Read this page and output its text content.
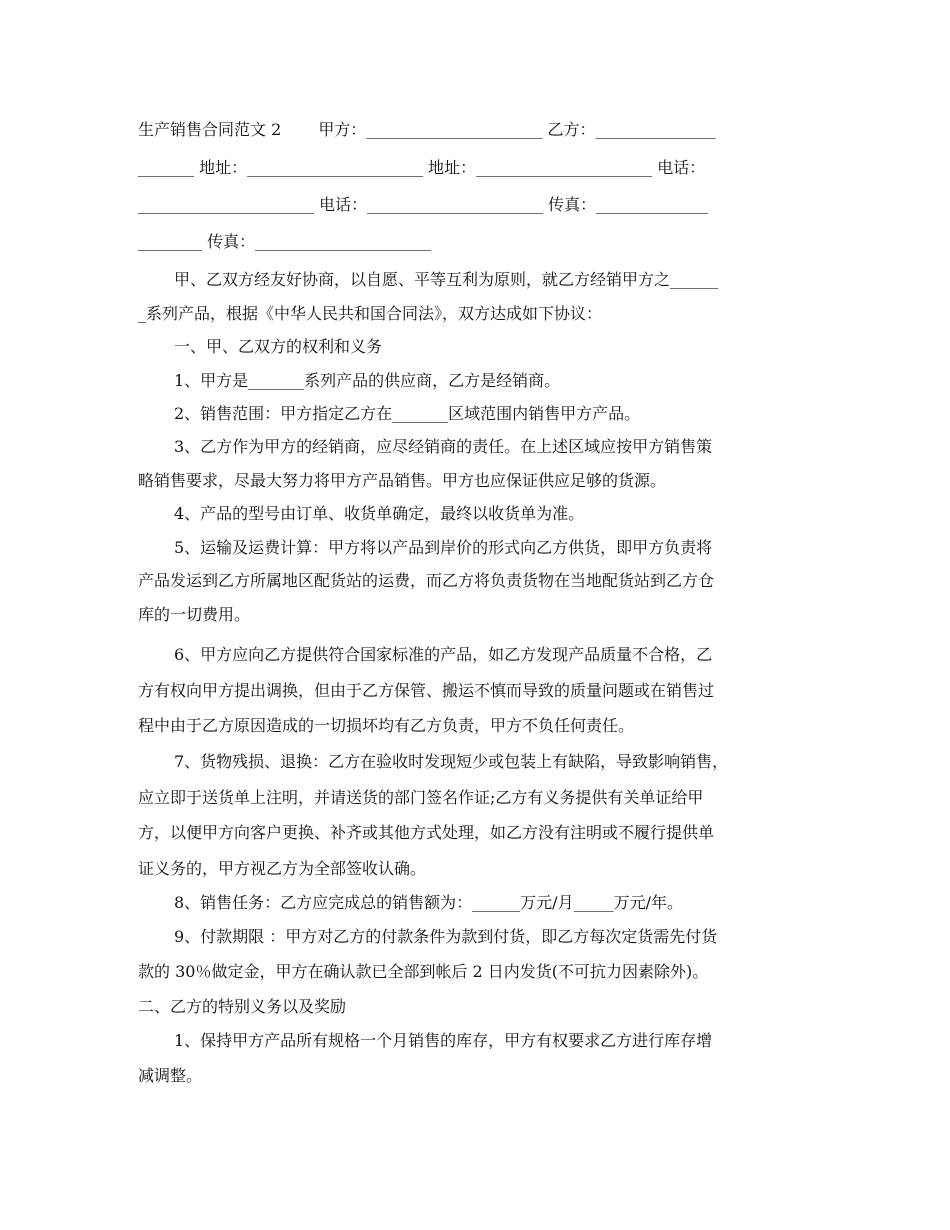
生产销售合同范文 2　　 甲方：______________________ 乙方：_______________
_______ 地址：______________________ 地址：______________________ 电话：
______________________ 电话：______________________ 传真：______________
________ 传真：______________________
甲、乙双方经友好协商，以自愿、平等互利为原则，就乙方经销甲方之______
_系列产品，根据《中华人民共和国合同法》，双方达成如下协议：
一、甲、乙双方的权利和义务
1、甲方是_______系列产品的供应商，乙方是经销商。
2、销售范围：甲方指定乙方在_______区域范围内销售甲方产品。
3、乙方作为甲方的经销商，应尽经销商的责任。在上述区域应按甲方销售策
略销售要求，尽最大努力将甲方产品销售。甲方也应保证供应足够的货源。
4、产品的型号由订单、收货单确定，最终以收货单为准。
5、运输及运费计算：甲方将以产品到岸价的形式向乙方供货，即甲方负责将
产品发运到乙方所属地区配货站的运费，而乙方将负责货物在当地配货站到乙方仓
库的一切费用。
6、甲方应向乙方提供符合国家标准的产品，如乙方发现产品质量不合格，乙
方有权向甲方提出调换，但由于乙方保管、搬运不慎而导致的质量问题或在销售过
程中由于乙方原因造成的一切损坏均有乙方负责，甲方不负任何责任。
7、货物残损、退换：乙方在验收时发现短少或包装上有缺陷，导致影响销售，
应立即于送货单上注明，并请送货的部门签名作证;乙方有义务提供有关单证给甲
方，以便甲方向客户更换、补齐或其他方式处理，如乙方没有注明或不履行提供单
证义务的，甲方视乙方为全部签收认确。
8、销售任务：乙方应完成总的销售额为：______万元/月_____万元/年。
9、付款期限 ：甲方对乙方的付款条件为款到付货，即乙方每次定货需先付货
款的 30％做定金，甲方在确认款已全部到帐后 2 日内发货(不可抗力因素除外)。
二、乙方的特别义务以及奖励
1、保持甲方产品所有规格一个月销售的库存，甲方有权要求乙方进行库存增
减调整。
